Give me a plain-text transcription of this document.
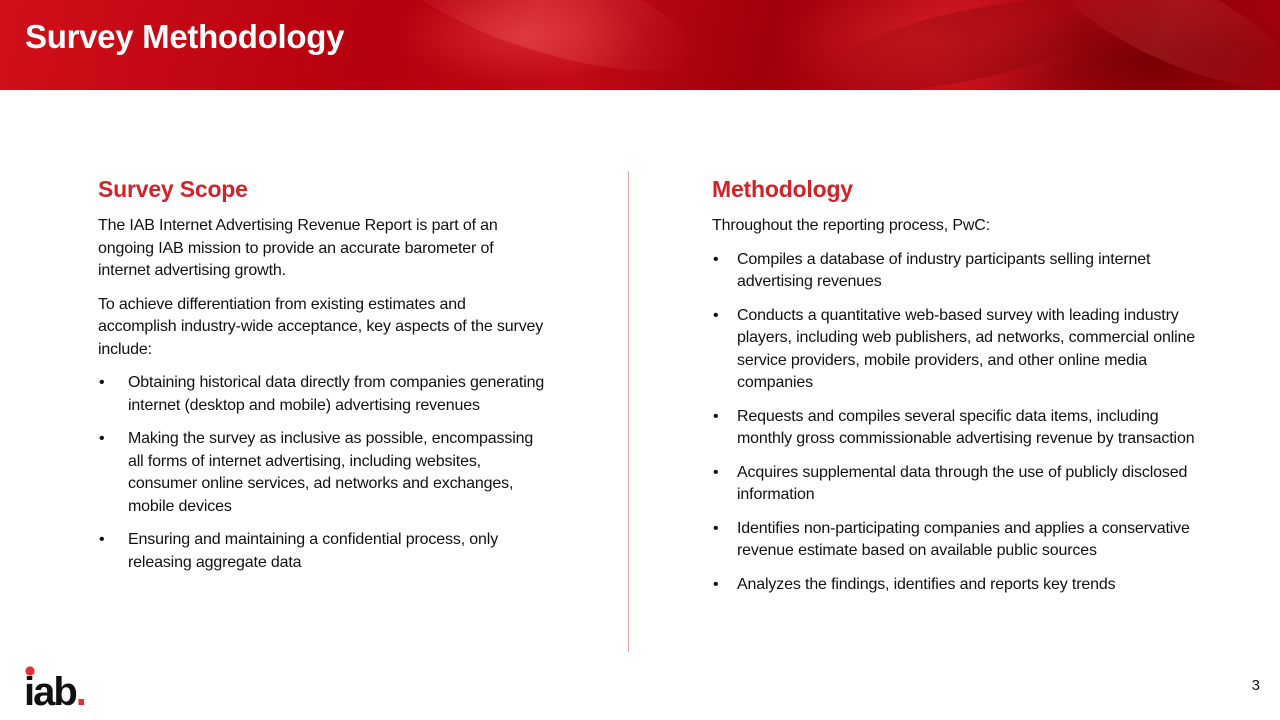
Survey Methodology
Survey Scope

The IAB Internet Advertising Revenue Report is part of an ongoing IAB mission to provide an accurate barometer of internet advertising growth.

To achieve differentiation from existing estimates and accomplish industry-wide acceptance, key aspects of the survey include:

• Obtaining historical data directly from companies generating internet (desktop and mobile) advertising revenues
• Making the survey as inclusive as possible, encompassing all forms of internet advertising, including websites, consumer online services, ad networks and exchanges, mobile devices
• Ensuring and maintaining a confidential process, only releasing aggregate data
Methodology

Throughout the reporting process, PwC:

• Compiles a database of industry participants selling internet advertising revenues
• Conducts a quantitative web-based survey with leading industry players, including web publishers, ad networks, commercial online service providers, mobile providers, and other online media companies
• Requests and compiles several specific data items, including monthly gross commissionable advertising revenue by transaction
• Acquires supplemental data through the use of publicly disclosed information
• Identifies non-participating companies and applies a conservative revenue estimate based on available public sources
• Analyzes the findings, identifies and reports key trends
iab.	3
